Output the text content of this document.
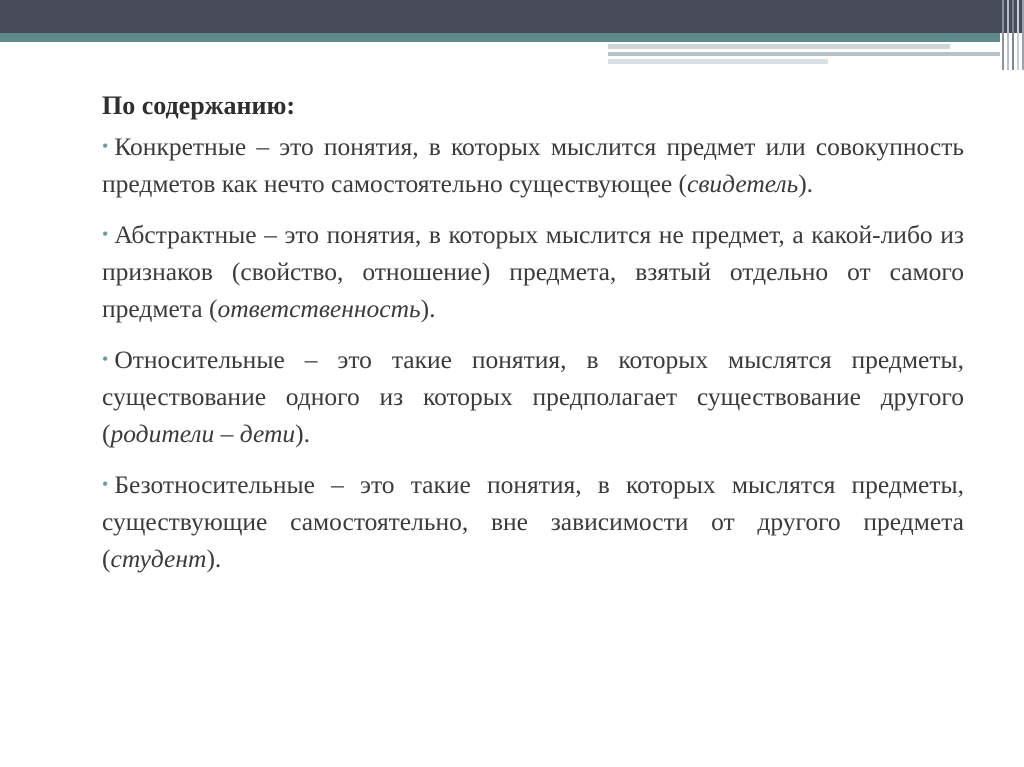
По содержанию:

• Конкретные – это понятия, в которых мыслится предмет или совокупность предметов как нечто самостоятельно существующее (свидетель).

• Абстрактные – это понятия, в которых мыслится не предмет, а какой-либо из признаков (свойство, отношение) предмета, взятый отдельно от самого предмета (ответственность).

• Относительные – это такие понятия, в которых мыслятся предметы, существование одного из которых предполагает существование другого (родители – дети).

• Безотносительные – это такие понятия, в которых мыслятся предметы, существующие самостоятельно, вне зависимости от другого предмета (студент).
